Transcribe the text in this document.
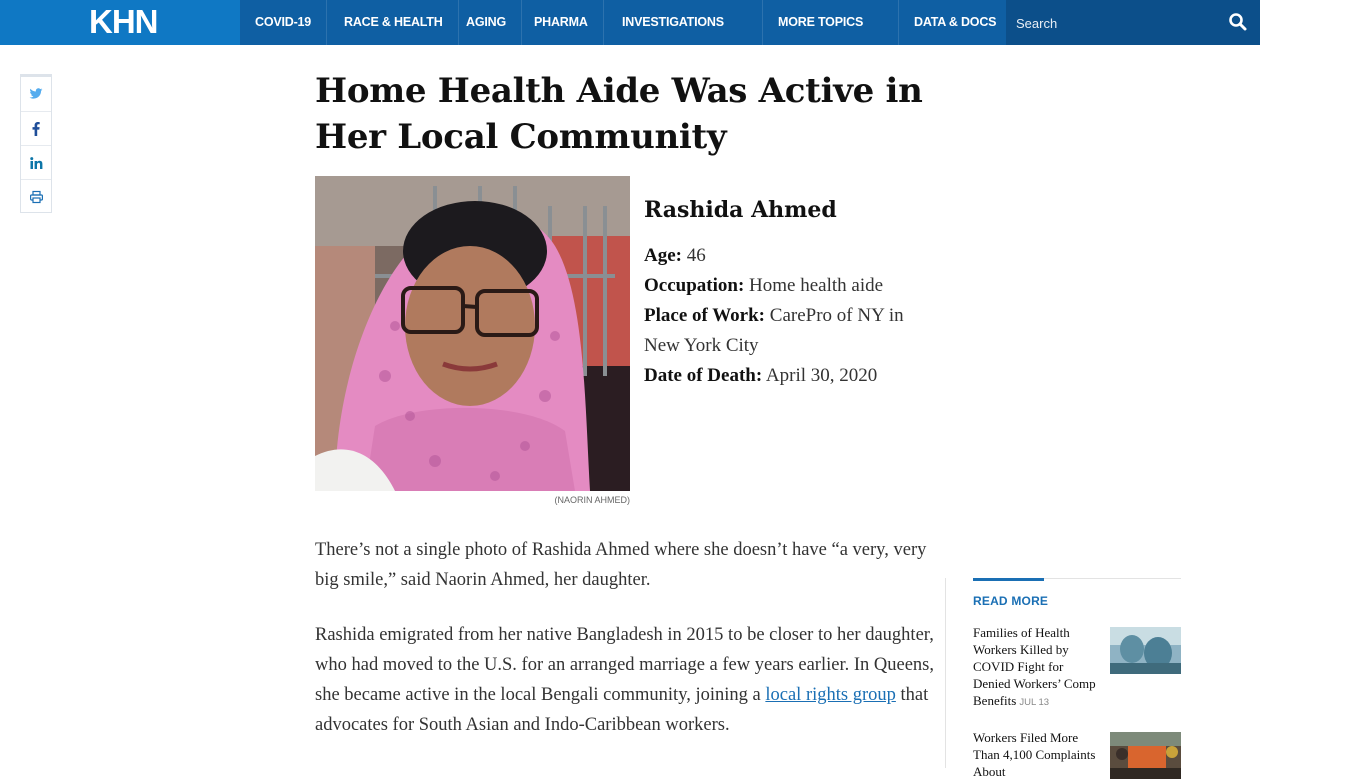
KHN	COVID-19	RACE & HEALTH	AGING	PHARMA	INVESTIGATIONS	MORE TOPICS	DATA & DOCS
Search
Home Health Aide Was Active in Her Local Community
(NAORIN AHMED)
Rashida Ahmed
Age: 46
Occupation: Home health aide
Place of Work: CarePro of NY in New York City
Date of Death: April 30, 2020

There’s not a single photo of Rashida Ahmed where she doesn’t have “a very, very big smile,” said Naorin Ahmed, her daughter.

Rashida emigrated from her native Bangladesh in 2015 to be closer to her daughter, who had moved to the U.S. for an arranged marriage a few years earlier. In Queens, she became active in the local Bengali community, joining a local rights group that advocates for South Asian and Indo-Caribbean workers.

READ MORE
Families of Health Workers Killed by COVID Fight for Denied Workers’ Comp Benefits JUL 13
Workers Filed More Than 4,100 Complaints About
